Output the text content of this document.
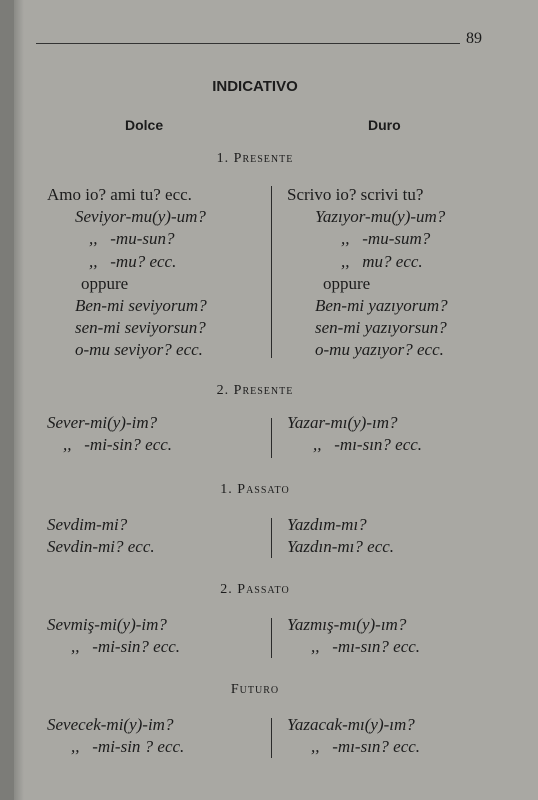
89
INDICATIVO
Dolce	Duro
1. Presente
Amo io? ami tu? ecc.
Seviyor-mu(y)-um?
,,   -mu-sun?
,,   -mu? ecc.
oppure
Ben-mi seviyorum?
sen-mi seviyorsun?
o-mu seviyor? ecc.
Scrivo io? scrivi tu?
Yazıyor-mu(y)-um?
,,   -mu-sum?
,,   mu? ecc.
oppure
Ben-mi yazıyorum?
sen-mi yazıyorsun?
o-mu yazıyor? ecc.
2. Presente
Sever-mi(y)-im?
,,   -mi-sin? ecc.
Yazar-mı(y)-ım?
,,   -mı-sın? ecc.
1. Passato
Sevdim-mi?
Sevdin-mi? ecc.
Yazdım-mı?
Yazdın-mı? ecc.
2. Passato
Sevmiş-mi(y)-im?
,,   -mi-sin? ecc.
Yazmış-mı(y)-ım?
,,   -mı-sın? ecc.
Futuro
Sevecek-mi(y)-im?
,,   -mi-sin ? ecc.
Yazacak-mı(y)-ım?
,,   -mı-sın? ecc.
